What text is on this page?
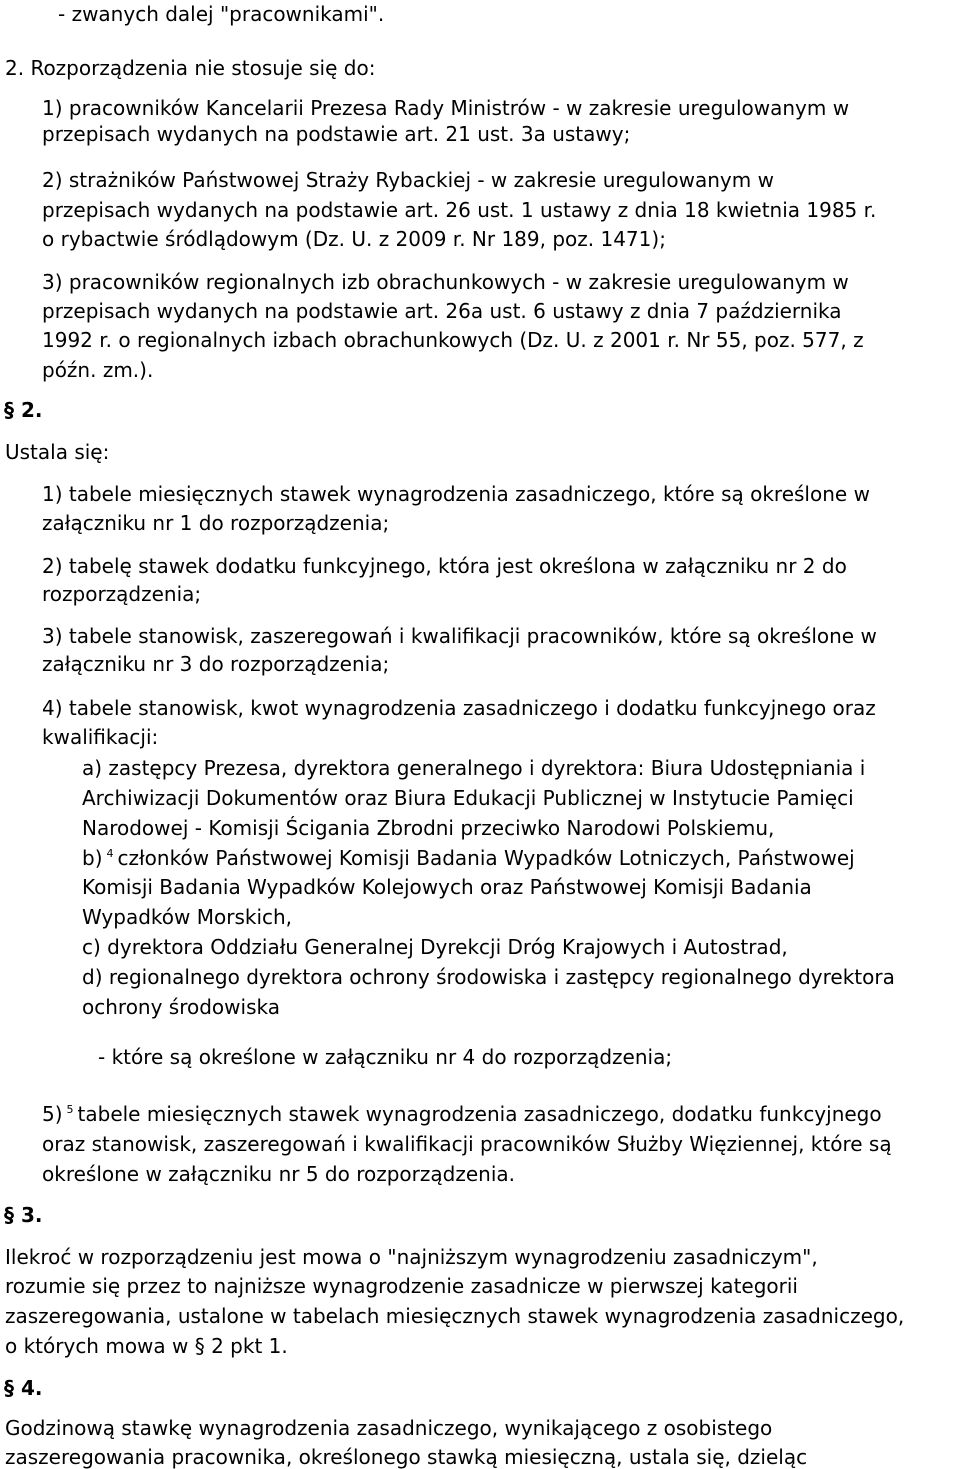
- zwanych dalej "pracownikami".

2. Rozporządzenia nie stosuje się do:

1) pracowników Kancelarii Prezesa Rady Ministrów - w zakresie uregulowanym w

przepisach wydanych na podstawie art. 21 ust. 3a ustawy;

2) strażników Państwowej Straży Rybackiej - w zakresie uregulowanym w

przepisach wydanych na podstawie art. 26 ust. 1 ustawy z dnia 18 kwietnia 1985 r.

o rybactwie śródlądowym (Dz. U. z 2009 r. Nr 189, poz. 1471);

3) pracowników regionalnych izb obrachunkowych - w zakresie uregulowanym w

przepisach wydanych na podstawie art. 26a ust. 6 ustawy z dnia 7 października

1992 r. o regionalnych izbach obrachunkowych (Dz. U. z 2001 r. Nr 55, poz. 577, z

późn. zm.).

§ 2.

Ustala się:

1) tabele miesięcznych stawek wynagrodzenia zasadniczego, które są określone w

załączniku nr 1 do rozporządzenia;

2) tabelę stawek dodatku funkcyjnego, która jest określona w załączniku nr 2 do

rozporządzenia;

3) tabele stanowisk, zaszeregowań i kwalifikacji pracowników, które są określone w

załączniku nr 3 do rozporządzenia;

4) tabele stanowisk, kwot wynagrodzenia zasadniczego i dodatku funkcyjnego oraz

kwalifikacji:

a) zastępcy Prezesa, dyrektora generalnego i dyrektora: Biura Udostępniania i

Archiwizacji Dokumentów oraz Biura Edukacji Publicznej w Instytucie Pamięci

Narodowej - Komisji Ścigania Zbrodni przeciwko Narodowi Polskiemu,

b) $^4$ członków Państwowej Komisji Badania Wypadków Lotniczych, Państwowej

Komisji Badania Wypadków Kolejowych oraz Państwowej Komisji Badania

Wypadków Morskich,

c) dyrektora Oddziału Generalnej Dyrekcji Dróg Krajowych i Autostrad,

d) regionalnego dyrektora ochrony środowiska i zastępcy regionalnego dyrektora

ochrony środowiska

- które są określone w załączniku nr 4 do rozporządzenia;

5) $^5$ tabele miesięcznych stawek wynagrodzenia zasadniczego, dodatku funkcyjnego

oraz stanowisk, zaszeregowań i kwalifikacji pracowników Służby Więziennej, które są

określone w załączniku nr 5 do rozporządzenia.

§ 3.

Ilekroć w rozporządzeniu jest mowa o "najniższym wynagrodzeniu zasadniczym",

rozumie się przez to najniższe wynagrodzenie zasadnicze w pierwszej kategorii

zaszeregowania, ustalone w tabelach miesięcznych stawek wynagrodzenia zasadniczego,

o których mowa w § 2 pkt 1.

§ 4.

Godzinową stawkę wynagrodzenia zasadniczego, wynikającego z osobistego

zaszeregowania pracownika, określonego stawką miesięczną, ustala się, dzieląc
